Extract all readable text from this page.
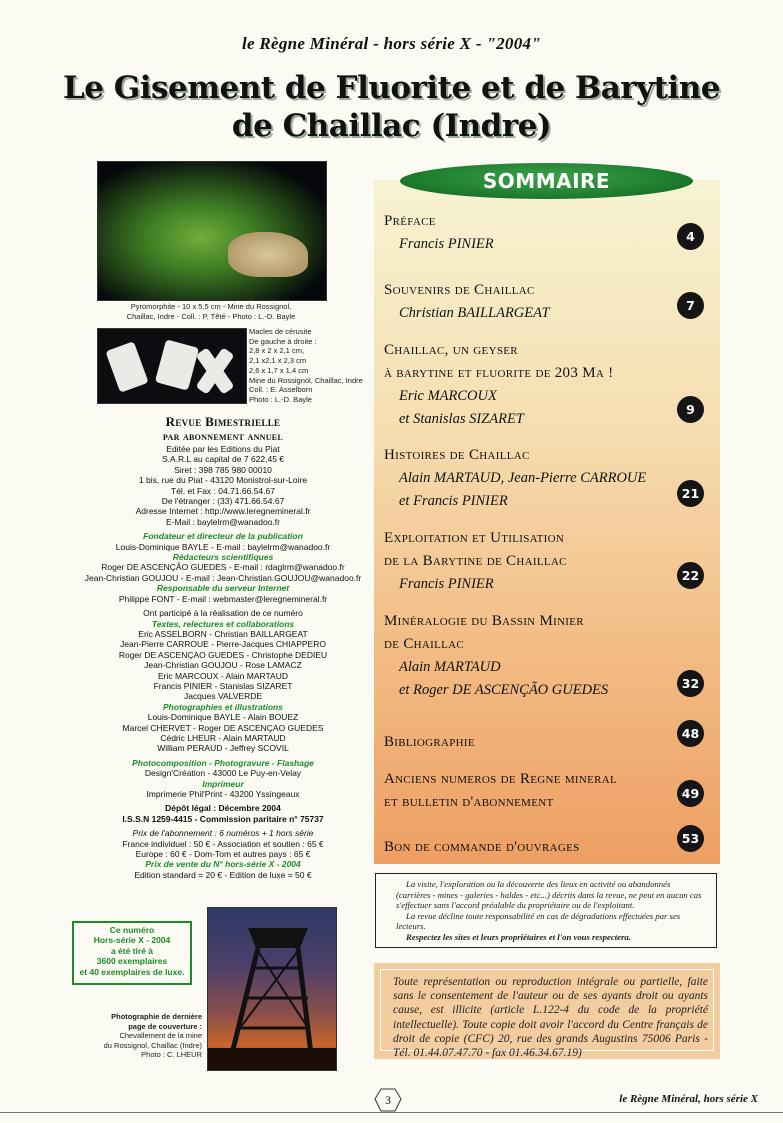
le Règne Minéral - hors série X - "2004"
Le Gisement de Fluorite et de Barytine
de Chaillac (Indre)
Pyromorphite - 10 x 5,5 cm - Mine du Rossignol,
Chaillac, Indre - Coll. : P. Têté - Photo : L.-D. Bayle
Macles de cérusite
De gauche à droite :
2,8 x 2 x 2,1 cm,
2,1 x2,1 x 2,3 cm
2,6 x 1,7 x 1,4 cm
Mine du Rossignol, Chaillac, Indre
Coll. : E. Asselborn
Photo : L.-D. Bayle
Revue Bimestrielle
par abonnement annuel
Editée par les Editions du Piat
S.A.R.L au capital de 7 622,45 €
Siret : 398 785 980 00010
1 bis, rue du Piat - 43120 Monistrol-sur-Loire
Tél. et Fax : 04.71.66.54.67
De l'étranger : (33) 471.66.54.67
Adresse Internet : http://www.leregnemineral.fr
E-Mail : baylelrm@wanadoo.fr
Fondateur et directeur de la publication
Louis-Dominique BAYLE - E-mail : baylelrm@wanadoo.fr
Rédacteurs scientifiques
Roger DE ASCENÇÃO GUEDES - E-mail : rdaglrm@wanadoo.fr
Jean-Christian GOUJOU - E-mail : Jean-Christian.GOUJOU@wanadoo.fr
Responsable du serveur Internet
Philippe FONT - E-mail : webmaster@leregnemineral.fr
Ont participé à la réalisation de ce numéro
Textes, relectures et collaborations
Eric ASSELBORN - Christian BAILLARGEAT
Jean-Pierre CARROUE - Pierre-Jacques CHIAPPERO
Roger DE ASCENÇAO GUEDES - Christophe DEDIEU
Jean-Christian GOUJOU - Rose LAMACZ
Eric MARCOUX - Alain MARTAUD
Francis PINIER - Stanislas SIZARET
Jacques VALVERDE
Photographies et illustrations
Louis-Dominique BAYLE - Alain BOUEZ
Marcel CHERVET - Roger DE ASCENÇAO GUEDES
Cédric LHEUR - Alain MARTAUD
William PERAUD - Jeffrey SCOVIL
Photocomposition - Photogravure - Flashage
Design'Création - 43000 Le Puy-en-Velay
Imprimeur
Imprimerie Phil'Print - 43200 Yssingeaux
Dépôt légal : Décembre 2004
I.S.S.N 1259-4415 - Commission paritaire n° 75737
Prix de l'abonnement : 6 numéros + 1 hors série
France individuel : 50 € - Association et soutien : 65 €
Europe : 60 € - Dom-Tom et autres pays : 65 €
Prix de vente du N° hors-série X - 2004
Edition standard = 20 € - Edition de luxe = 50 €
Ce numéro
Hors-série X - 2004
a été tiré à
3600 exemplaires
et 40 exemplaires de luxe.
Photographie de dernière
page de couverture :
Chevallement de la mine
du Rossignol, Chaillac (Indre)
Photo : C. LHEUR
SOMMAIRE
Préface
Francis PINIER	4
Souvenirs de Chaillac
Christian BAILLARGEAT	7
Chaillac, un geyser
à barytine et fluorite de 203 Ma !
Eric MARCOUX
et Stanislas SIZARET
9
Histoires de Chaillac
Alain MARTAUD, Jean-Pierre CARROUE
et Francis PINIER	21
Exploitation et Utilisation
de la Barytine de Chaillac
Francis PINIER
22
Minéralogie du Bassin Minier
de Chaillac
Alain MARTAUD
et Roger DE ASCENÇÃO GUEDES	32
Bibliographie
48
Anciens numeros de Regne mineral
et bulletin d'abonnement
49
Bon de commande d'ouvrages
53
La visite, l'exploration ou la découverte des lieux en activité ou abandonnés (carrières - mines - galeries - haldes - etc...) décrits dans la revue, ne peut en aucun cas s'effectuer sans l'accord préalable du propriétaire ou de l'exploitant.
La revue décline toute responsabilité en cas de dégradations effectuées par ses lecteurs.
Respectez les sites et leurs propriétaires et l'on vous respectera.
Toute représentation ou reproduction intégrale ou partielle, faite sans le consentement de l'auteur ou de ses ayants droit ou ayants cause, est illicite (article L.122-4 du code de la propriété intellectuelle). Toute copie doit avoir l'accord du Centre français de droit de copie (CFC) 20, rue des grands Augustins 75006 Paris - Tél. 01.44.07.47.70 - fax 01.46.34.67.19)
3	le Règne Minéral, hors série X
